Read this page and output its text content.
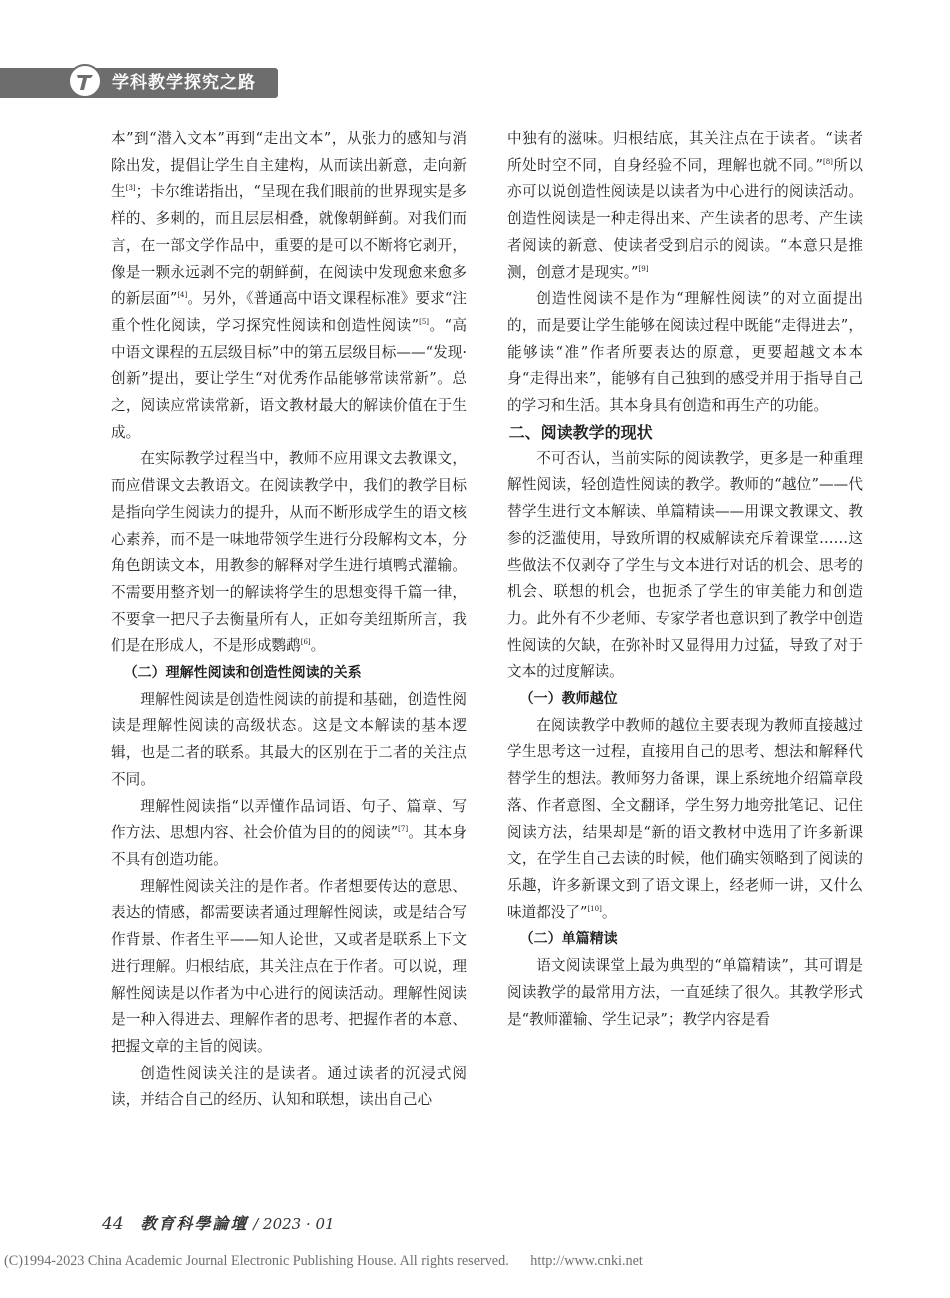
学科教学探究之路

本”到“潜入文本”再到“走出文本”，从张力的感知与消除出发，提倡让学生自主建构，从而读出新意，走向新生[3]；卡尔维诺指出，“呈现在我们眼前的世界现实是多样的、多刺的，而且层层相叠，就像朝鲜蓟。对我们而言，在一部文学作品中，重要的是可以不断将它剥开，像是一颗永远剥不完的朝鲜蓟，在阅读中发现愈来愈多的新层面”[4]。另外，《普通高中语文课程标准》要求“注重个性化阅读，学习探究性阅读和创造性阅读”[5]。“高中语文课程的五层级目标”中的第五层级目标——“发现·创新”提出，要让学生“对优秀作品能够常读常新”。总之，阅读应常读常新，语文教材最大的解读价值在于生成。

在实际教学过程当中，教师不应用课文去教课文，而应借课文去教语文。在阅读教学中，我们的教学目标是指向学生阅读力的提升，从而不断形成学生的语文核心素养，而不是一味地带领学生进行分段解构文本，分角色朗读文本，用教参的解释对学生进行填鸭式灌输。不需要用整齐划一的解读将学生的思想变得千篇一律，不要拿一把尺子去衡量所有人，正如夸美纽斯所言，我们是在形成人，不是形成鹦鹉[6]。

（二）理解性阅读和创造性阅读的关系

理解性阅读是创造性阅读的前提和基础，创造性阅读是理解性阅读的高级状态。这是文本解读的基本逻辑，也是二者的联系。其最大的区别在于二者的关注点不同。

理解性阅读指“以弄懂作品词语、句子、篇章、写作方法、思想内容、社会价值为目的的阅读”[7]。其本身不具有创造功能。

理解性阅读关注的是作者。作者想要传达的意思、表达的情感，都需要读者通过理解性阅读，或是结合写作背景、作者生平——知人论世，又或者是联系上下文进行理解。归根结底，其关注点在于作者。可以说，理解性阅读是以作者为中心进行的阅读活动。理解性阅读是一种入得进去、理解作者的思考、把握作者的本意、把握文章的主旨的阅读。

创造性阅读关注的是读者。通过读者的沉浸式阅读，并结合自己的经历、认知和联想，读出自己心

中独有的滋味。归根结底，其关注点在于读者。“读者所处时空不同，自身经验不同，理解也就不同。”[8]所以亦可以说创造性阅读是以读者为中心进行的阅读活动。创造性阅读是一种走得出来、产生读者的思考、产生读者阅读的新意、使读者受到启示的阅读。“本意只是推测，创意才是现实。”[9]

创造性阅读不是作为“理解性阅读”的对立面提出的，而是要让学生能够在阅读过程中既能“走得进去”，能够读“准”作者所要表达的原意，更要超越文本本身“走得出来”，能够有自己独到的感受并用于指导自己的学习和生活。其本身具有创造和再生产的功能。

二、阅读教学的现状

不可否认，当前实际的阅读教学，更多是一种重理解性阅读，轻创造性阅读的教学。教师的“越位”——代替学生进行文本解读、单篇精读——用课文教课文、教参的泛滥使用，导致所谓的权威解读充斥着课堂……这些做法不仅剥夺了学生与文本进行对话的机会、思考的机会、联想的机会，也扼杀了学生的审美能力和创造力。此外有不少老师、专家学者也意识到了教学中创造性阅读的欠缺，在弥补时又显得用力过猛，导致了对于文本的过度解读。

（一）教师越位

在阅读教学中教师的越位主要表现为教师直接越过学生思考这一过程，直接用自己的思考、想法和解释代替学生的想法。教师努力备课，课上系统地介绍篇章段落、作者意图、全文翻译，学生努力地旁批笔记、记住阅读方法，结果却是“新的语文教材中选用了许多新课文，在学生自己去读的时候，他们确实领略到了阅读的乐趣，许多新课文到了语文课上，经老师一讲，又什么味道都没了”[10]。

（二）单篇精读

语文阅读课堂上最为典型的“单篇精读”，其可谓是阅读教学的最常用方法，一直延续了很久。其教学形式是“教师灌输、学生记录”；教学内容是看

44 教育科學論壇 / 2023 · 01
(C)1994-2023 China Academic Journal Electronic Publishing House. All rights reserved. http://www.cnki.net
